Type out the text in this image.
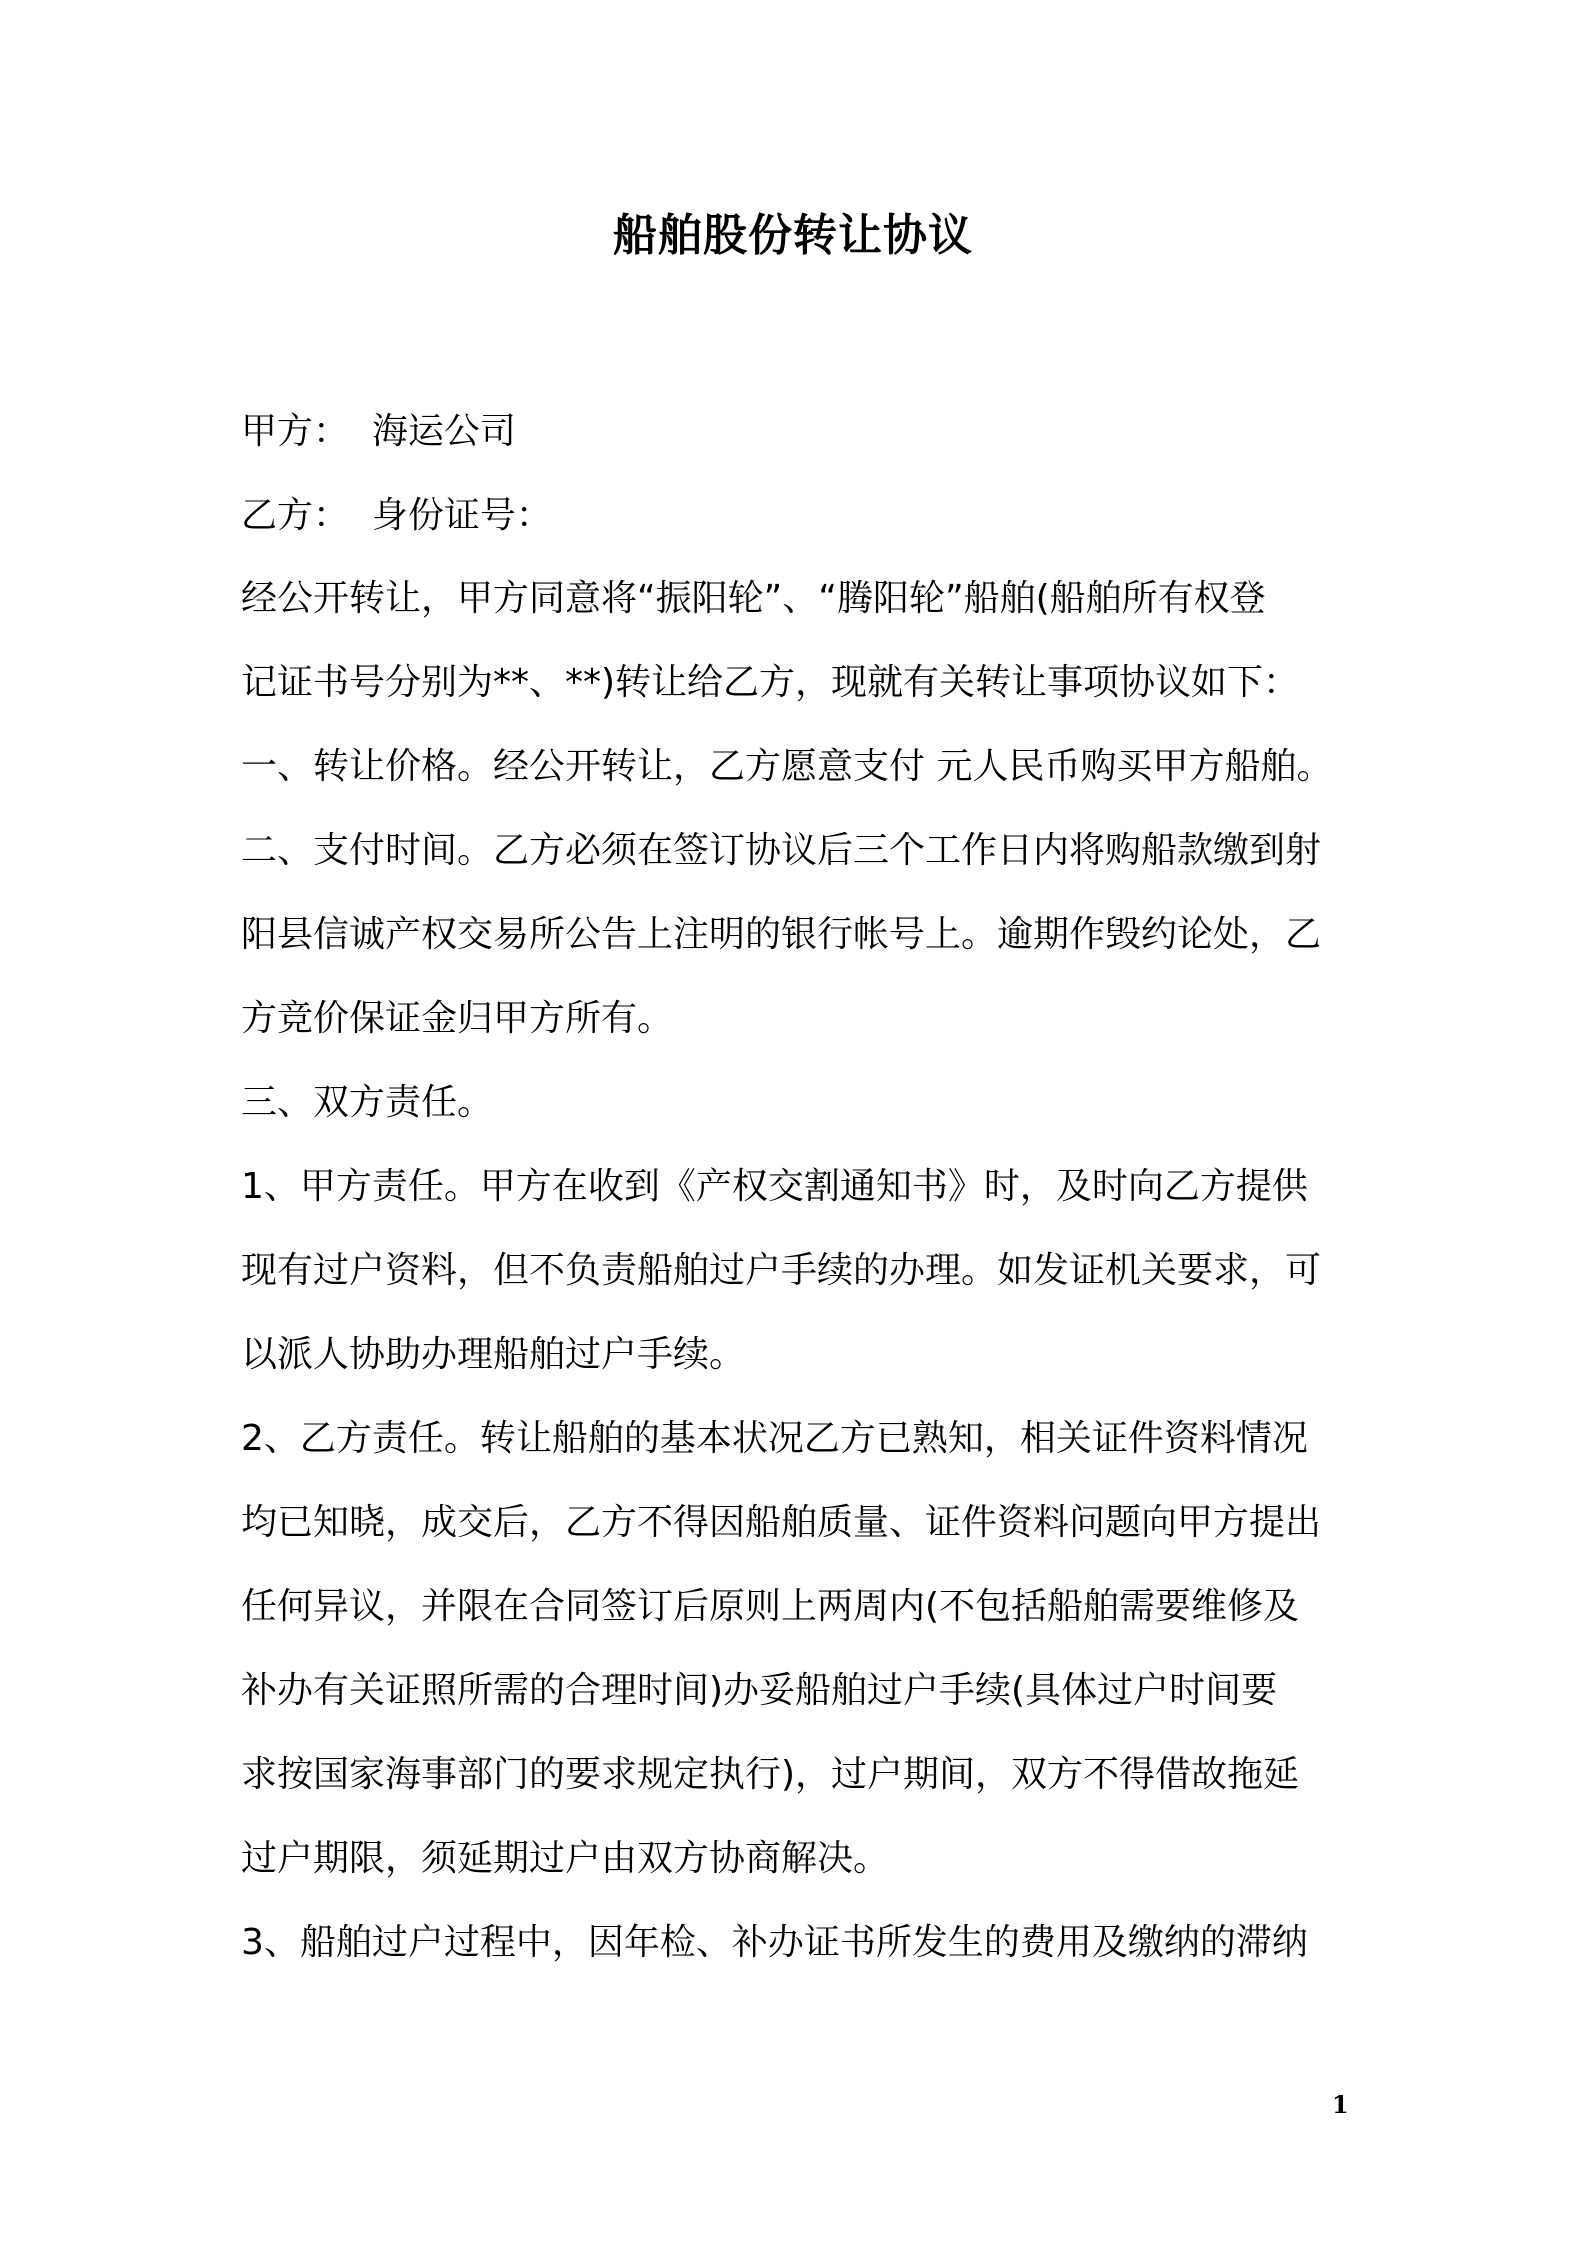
船舶股份转让协议
甲方：  海运公司
乙方：  身份证号：
经公开转让，甲方同意将“振阳轮”、“腾阳轮”船舶(船舶所有权登
记证书号分别为**、**)转让给乙方，现就有关转让事项协议如下：
一、转让价格。经公开转让，乙方愿意支付 元人民币购买甲方船舶。
二、支付时间。乙方必须在签订协议后三个工作日内将购船款缴到射
阳县信诚产权交易所公告上注明的银行帐号上。逾期作毁约论处，乙
方竞价保证金归甲方所有。
三、双方责任。
1、甲方责任。甲方在收到《产权交割通知书》时，及时向乙方提供
现有过户资料，但不负责船舶过户手续的办理。如发证机关要求，可
以派人协助办理船舶过户手续。
2、乙方责任。转让船舶的基本状况乙方已熟知，相关证件资料情况
均已知晓，成交后，乙方不得因船舶质量、证件资料问题向甲方提出
任何异议，并限在合同签订后原则上两周内(不包括船舶需要维修及
补办有关证照所需的合理时间)办妥船舶过户手续(具体过户时间要
求按国家海事部门的要求规定执行)，过户期间，双方不得借故拖延
过户期限，须延期过户由双方协商解决。
3、船舶过户过程中，因年检、补办证书所发生的费用及缴纳的滞纳
1
